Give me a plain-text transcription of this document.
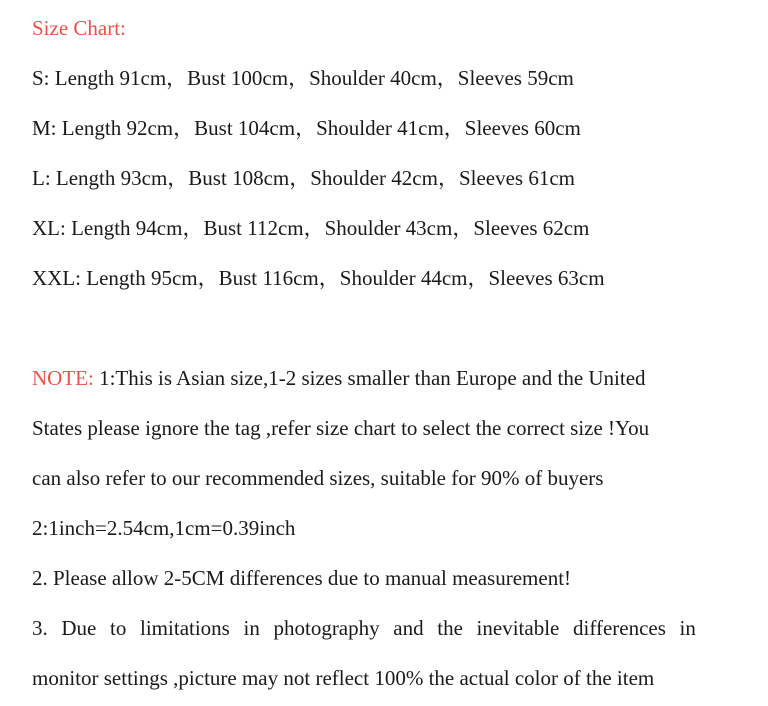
Size Chart:
S: Length 91cm，Bust 100cm，Shoulder 40cm，Sleeves 59cm
M: Length 92cm，Bust 104cm，Shoulder 41cm，Sleeves 60cm
L: Length 93cm，Bust 108cm，Shoulder 42cm，Sleeves 61cm
XL: Length 94cm，Bust 112cm，Shoulder 43cm，Sleeves 62cm
XXL: Length 95cm，Bust 116cm，Shoulder 44cm，Sleeves 63cm
NOTE: 1:This is Asian size,1-2 sizes smaller than Europe and the United
States please ignore the tag ,refer size chart to select the correct size !You
can also refer to our recommended sizes, suitable for 90% of buyers
2:1inch=2.54cm,1cm=0.39inch
2. Please allow 2-5CM differences due to manual measurement!
3. Due to limitations in photography and the inevitable differences in
monitor settings ,picture may not reflect 100% the actual color of the item
